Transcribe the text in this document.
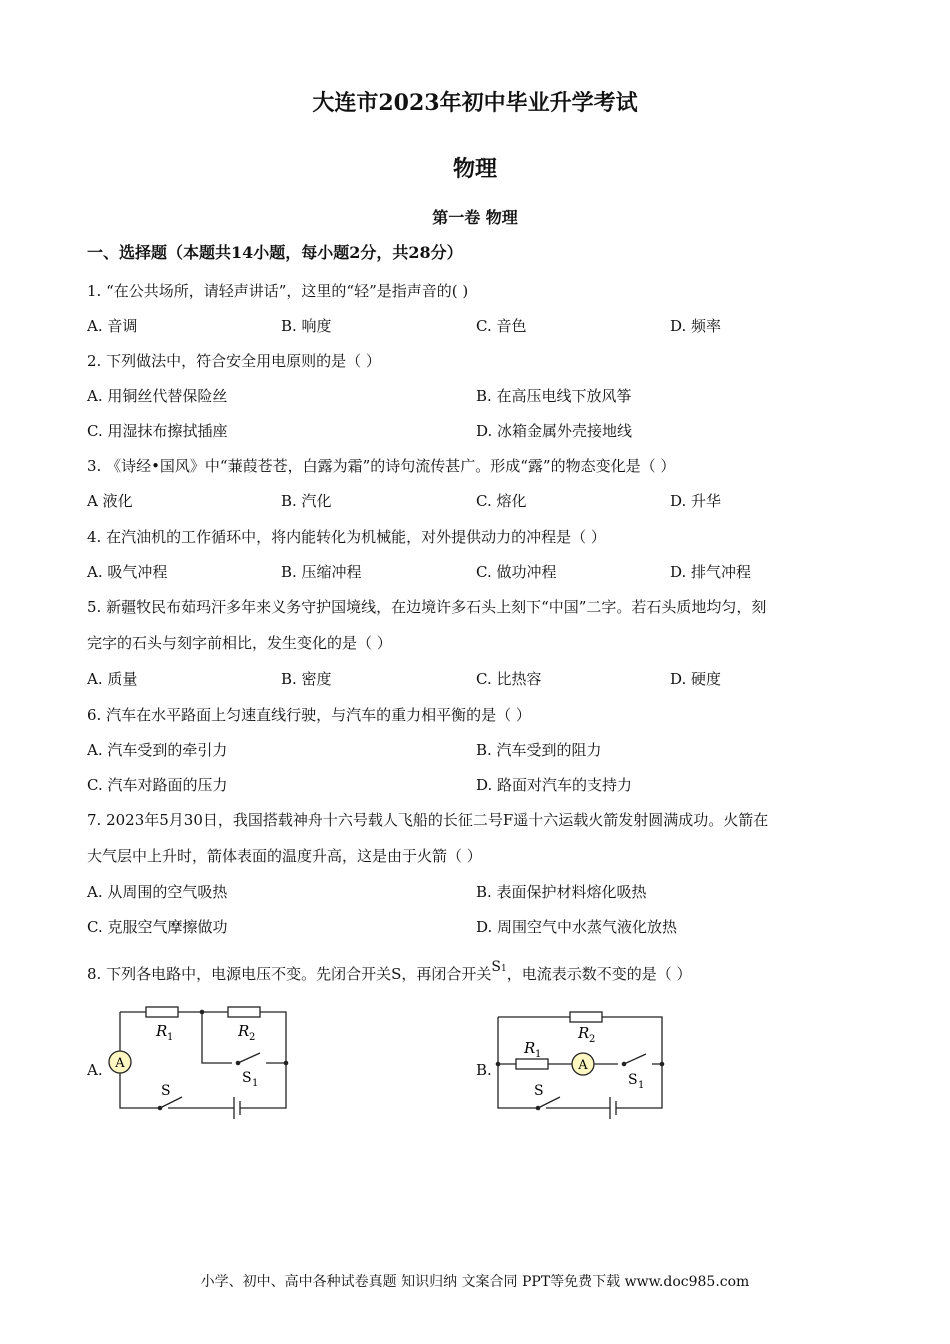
大连市2023年初中毕业升学考试
物理
第一卷 物理
一、选择题（本题共14小题，每小题2分，共28分）
1. “在公共场所，请轻声讲话”，这里的“轻”是指声音的( )
A. 音调	B. 响度	C. 音色	D. 频率
2. 下列做法中，符合安全用电原则的是（ ）
A. 用铜丝代替保险丝	B. 在高压电线下放风筝
C. 用湿抹布擦拭插座	D. 冰箱金属外壳接地线
3. 《诗经•国风》中“蒹葭苍苍，白露为霜”的诗句流传甚广。形成“露”的物态变化是（ ）
A 液化	B. 汽化	C. 熔化	D. 升华
4. 在汽油机的工作循环中，将内能转化为机械能，对外提供动力的冲程是（ ）
A. 吸气冲程	B. 压缩冲程	C. 做功冲程	D. 排气冲程
5. 新疆牧民布茹玛汗多年来义务守护国境线，在边境许多石头上刻下“中国”二字。若石头质地均匀，刻
完字的石头与刻字前相比，发生变化的是（ ）
A. 质量	B. 密度	C. 比热容	D. 硬度
6. 汽车在水平路面上匀速直线行驶，与汽车的重力相平衡的是（ ）
A. 汽车受到的牵引力	B. 汽车受到的阻力
C. 汽车对路面的压力	D. 路面对汽车的支持力
7. 2023年5月30日，我国搭载神舟十六号载人飞船的长征二号F遥十六运载火箭发射圆满成功。火箭在
大气层中上升时，箭体表面的温度升高，这是由于火箭（ ）
A. 从周围的空气吸热	B. 表面保护材料熔化吸热
C. 克服空气摩擦做功	D. 周围空气中水蒸气液化放热
8. 下列各电路中，电源电压不变。先闭合开关S，再闭合开关S1，电流表示数不变的是（ ）
A.	B.
A
R 1	R 2
S 1
S
A
R 1
R 2
S 1
S
小学、初中、高中各种试卷真题 知识归纳 文案合同 PPT等免费下载 www.doc985.com
